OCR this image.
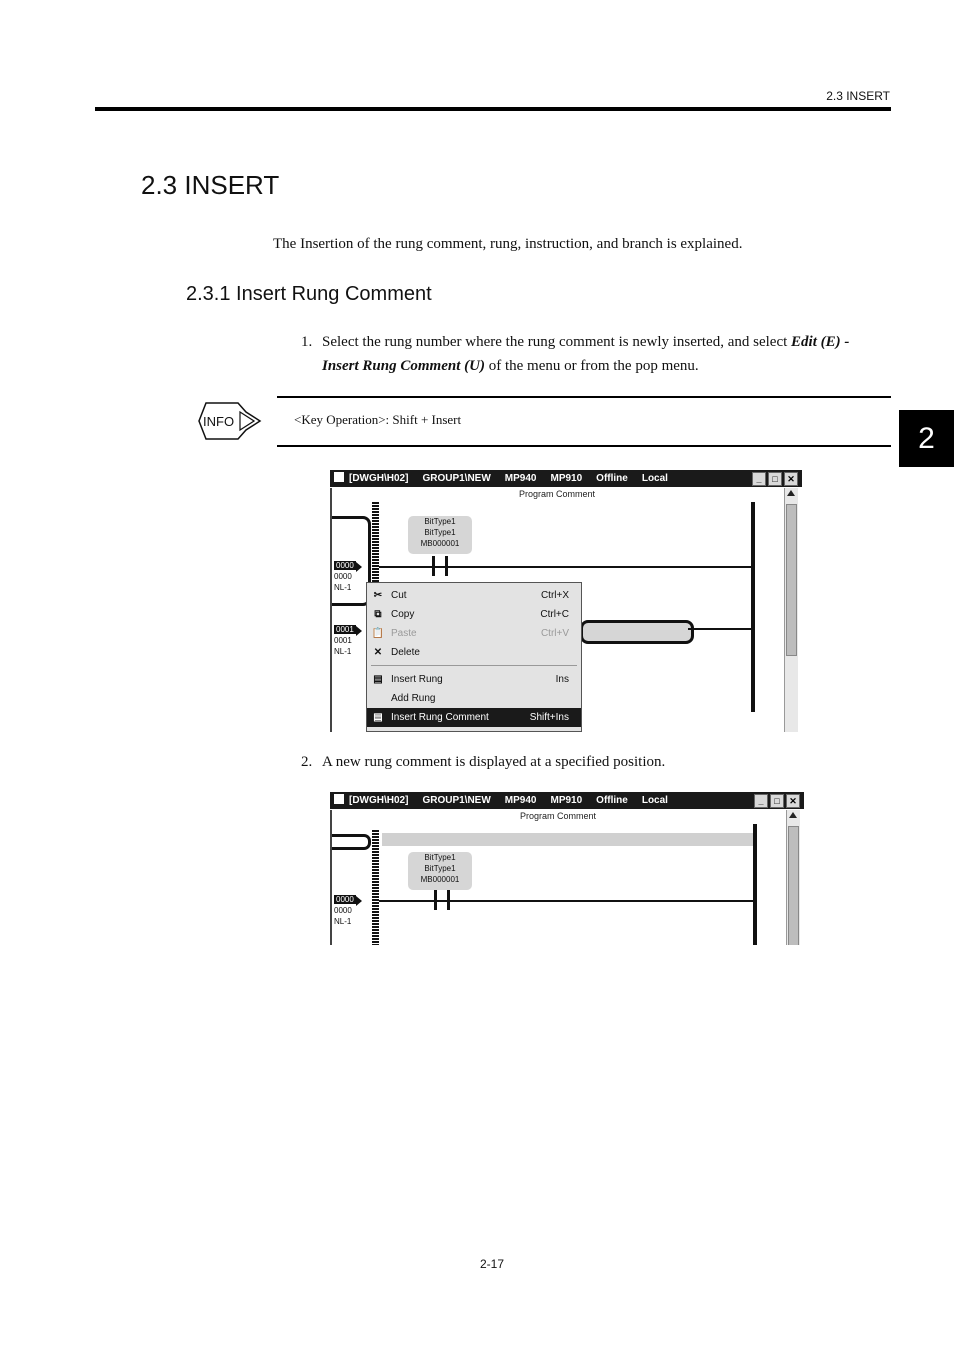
2.3 INSERT
2
2.3 INSERT
The Insertion of the rung comment, rung, instruction, and branch is explained.
2.3.1 Insert Rung Comment
1. Select the rung number where the rung comment is newly inserted, and select Edit (E) -
Insert Rung Comment (U) of the menu or from the pop menu.
INFO	<Key Operation>: Shift + Insert
[DWGH\H02] GROUP1\NEW MP940 MP910 Offline Local	_	□	✕
Program Comment
BitType1
BitType1
MB000001
0000
0000
NL-1
0001
0001
NL-1
✂ Cut	Ctrl+X
⧉ Copy	Ctrl+C
📋 Paste	Ctrl+V
✕ Delete
▤ Insert Rung	Ins
Add Rung
▤ Insert Rung Comment	Shift+Ins
2. A new rung comment is displayed at a specified position.
[DWGH\H02] GROUP1\NEW MP940 MP910 Offline Local	_	□	✕
Program Comment
BitType1
BitType1
MB000001
0000
0000
NL-1
2-17
